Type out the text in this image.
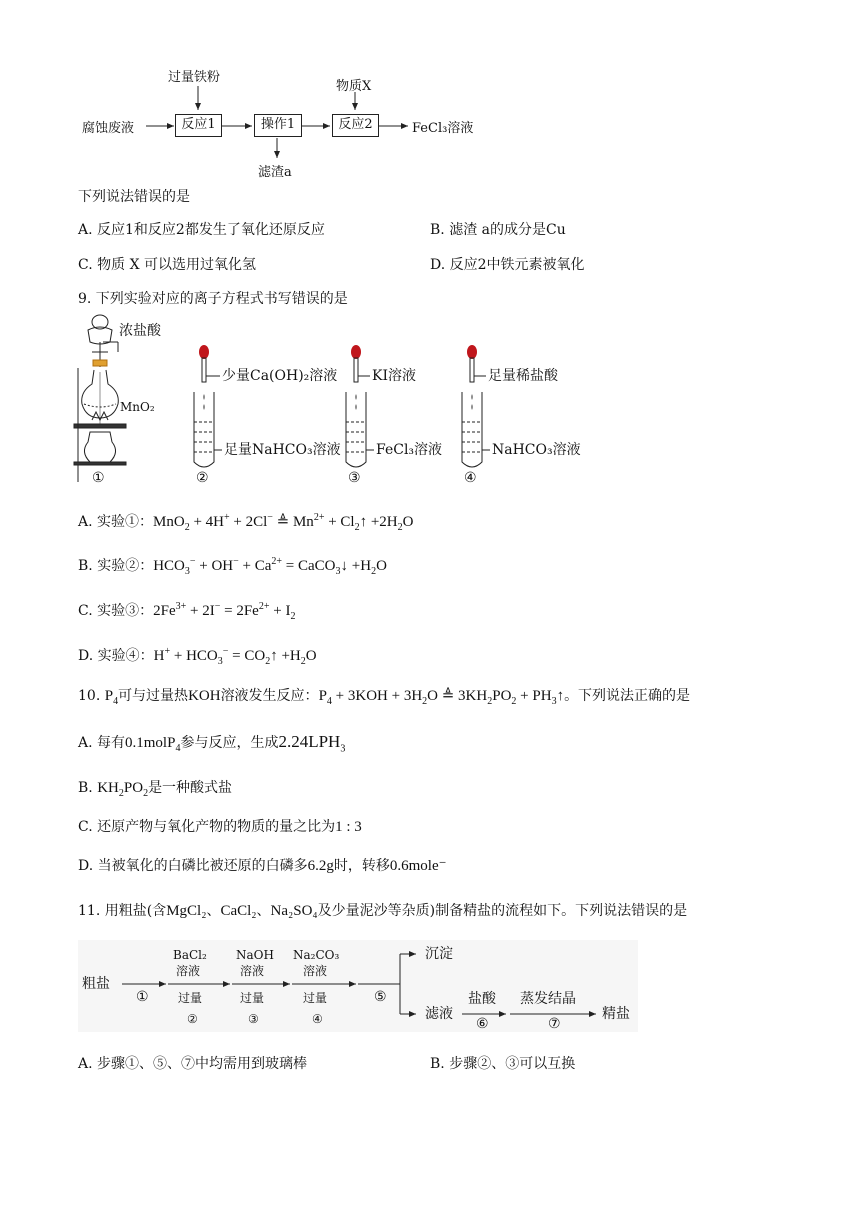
腐蚀废液
过量铁粉
反应1	操作1
滤渣a
物质X
反应2	FeCl₃溶液
下列说法错误的是
A. 反应1和反应2都发生了氧化还原反应	B. 滤渣 a的成分是Cu
C. 物质 X 可以选用过氧化氢	D. 反应2中铁元素被氧化
9. 下列实验对应的离子方程式书写错误的是
浓盐酸
MnO₂
少量Ca(OH)₂溶液
足量NaHCO₃溶液
KI溶液
FeCl₃溶液
足量稀盐酸
NaHCO₃溶液
①	②	③	④
A. 实验①：MnO$_2$ + 4H+ + 2Cl− ≜ $Mn^{2+}$ + $Cl_2↑ +2H_2O$
B. 实验②：$HCO_3^- + OH^- + Ca^{2+}$ = CaCO$_3$↓ $+H_2O$
C. 实验③：$2Fe^{3+} + 2I^- = 2Fe^{2+} + I_2$
D. 实验④：$H^+ + HCO_3^-$ = $CO_2↑ +H_2O$
10. $P_4$可与过量热KOH溶液发生反应：$P_4 + 3KOH + 3H_2O$ ≜ $3KH_2PO_2$ + $PH_3↑$。下列说法正确的是
A. 每有0.1molP$_4$参与反应，生成$2.24LPH_3$
B. $KH_2PO_2$是一种酸式盐
C. 还原产物与氧化产物的物质的量之比为1 : 3
D. 当被氧化的白磷比被还原的白磷多6.2g时，转移0.6mole⁻
11. 用粗盐(含MgCl₂、CaCl₂、Na₂SO₄及少量泥沙等杂质)制备精盐的流程如下。下列说法错误的是
粗盐
①
BaCl₂
溶液
过量
②
NaOH
溶液
过量
③
Na₂CO₃
溶液
过量
④
⑤
沉淀
滤液
盐酸
⑥
蒸发结晶
⑦
精盐
A. 步骤①、⑤、⑦中均需用到玻璃棒	B. 步骤②、③可以互换
